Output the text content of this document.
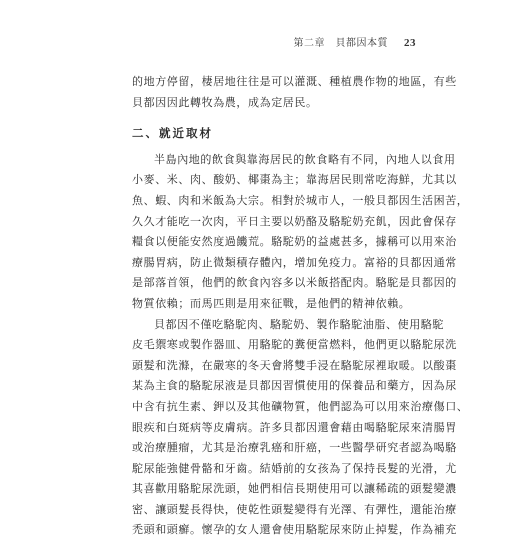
第二章　貝都因本質 23
的地方停留，棲居地往往是可以灌溉、種植農作物的地區，有些
貝都因因此轉牧為農，成為定居民。
二、就近取材
半島內地的飲食與靠海居民的飲食略有不同，內地人以食用
小麥、米、肉、酸奶、椰棗為主；靠海居民則常吃海鮮，尤其以
魚、蝦、肉和米飯為大宗。相對於城市人，一般貝都因生活困苦，
久久才能吃一次肉，平日主要以奶酪及駱駝奶充飢，因此會保存
糧食以便能安然度過饑荒。駱駝奶的益處甚多，據稱可以用來治
療腸胃病，防止微類積存體內，增加免疫力。富裕的貝都因通常
是部落首領，他們的飲食內容多以米飯搭配肉。駱駝是貝都因的
物質依賴；而馬匹則是用來征戰，是他們的精神依賴。
貝都因不僅吃駱駝肉、駱駝奶、製作駱駝油脂、使用駱駝
皮毛禦寒或製作器皿、用駱駝的糞便當燃料，他們更以駱駝尿洗
頭髮和洗滌，在嚴寒的冬天會將雙手浸在駱駝尿裡取暖。以酸棗
某為主食的駱駝尿液是貝都因習慣使用的保養品和藥方，因為尿
中含有抗生素、鉀以及其他礦物質，他們認為可以用來治療傷口、
眼疾和白斑病等皮膚病。許多貝都因還會藉由喝駱駝尿來清腸胃
或治療腫瘤，尤其是治療乳癌和肝癌，一些醫學研究者認為喝駱
駝尿能強健骨骼和牙齒。結婚前的女孩為了保持長髮的光滑，尤
其喜歡用駱駝尿洗頭，她們相信長期使用可以讓稀疏的頭髮變濃
密、讓頭髮長得快，使乾性頭髮變得有光澤、有彈性，還能治療
禿頭和頭癬。懷孕的女人還會使用駱駝尿來防止掉髮，作為補充
